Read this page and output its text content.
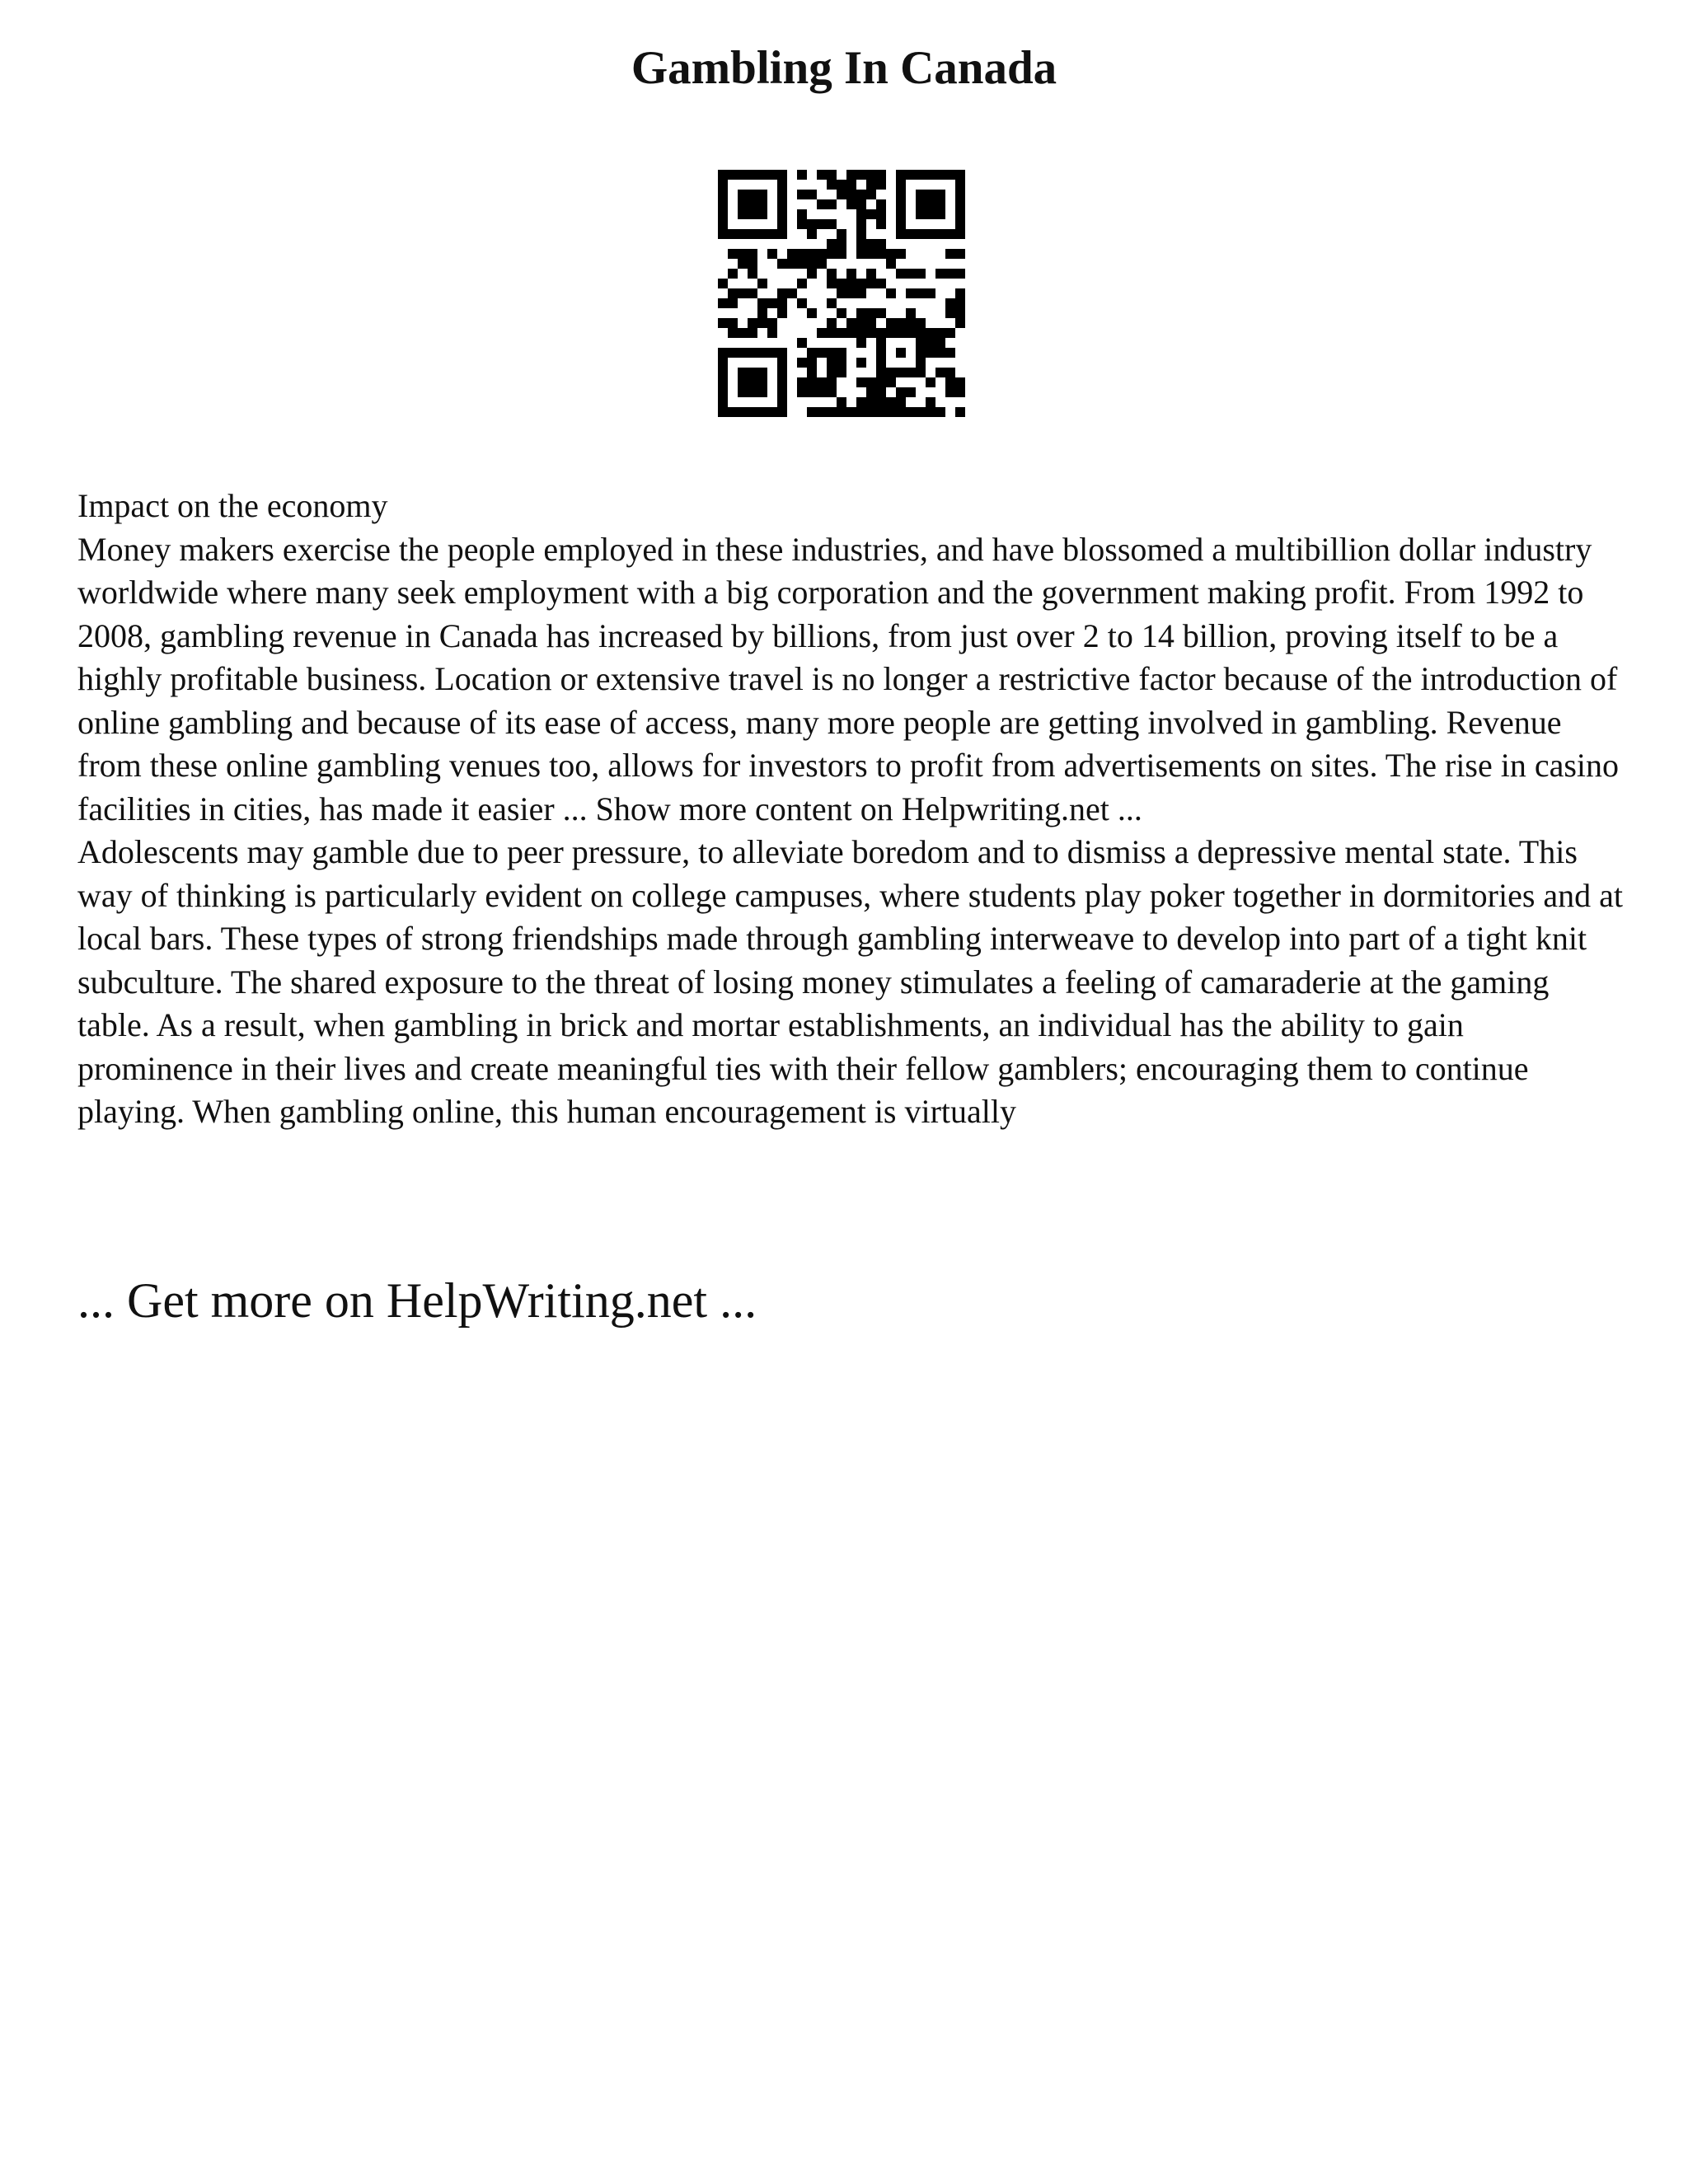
Gambling In Canada

Impact on the economy

Money makers exercise the people employed in these industries, and have blossomed a multibillion dollar industry worldwide where many seek employment with a big corporation and the government making profit. From 1992 to 2008, gambling revenue in Canada has increased by billions, from just over 2 to 14 billion, proving itself to be a highly profitable business. Location or extensive travel is no longer a restrictive factor because of the introduction of online gambling and because of its ease of access, many more people are getting involved in gambling. Revenue from these online gambling venues too, allows for investors to profit from advertisements on sites. The rise in casino facilities in cities, has made it easier ... Show more content on Helpwriting.net ...

Adolescents may gamble due to peer pressure, to alleviate boredom and to dismiss a depressive mental state. This way of thinking is particularly evident on college campuses, where students play poker together in dormitories and at local bars. These types of strong friendships made through gambling interweave to develop into part of a tight knit subculture. The shared exposure to the threat of losing money stimulates a feeling of camaraderie at the gaming table. As a result, when gambling in brick and mortar establishments, an individual has the ability to gain prominence in their lives and create meaningful ties with their fellow gamblers; encouraging them to continue playing. When gambling online, this human encouragement is virtually

... Get more on HelpWriting.net ...
